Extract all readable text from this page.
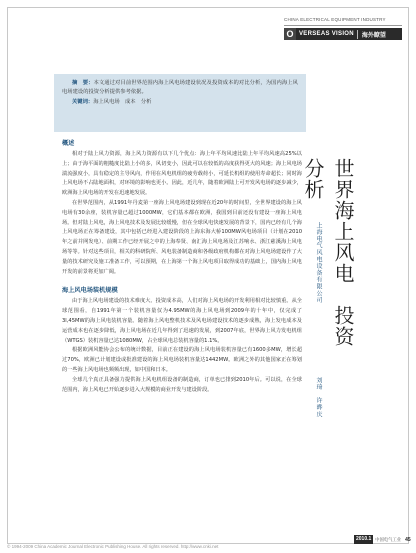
CHINA ELECTRICAL EQUIPMENT INDUSTRY
O VERSEAS VISION	海外瞭望

摘　要：本文通过对目前世界范围内海上风电场建设状况及投资成本的对比分析，为国内海上风电场建设的投资分析提供参考依据。

关键词：海上风电场　成本　分析

概述

相对于陆上风力资源，海上风力资源有以下几个优点：海上年平均风速比陆上年平均风速高25%以上；由于海平面的粗糙度比陆上小的多，风切变小，因此可以在较低的高度获得更大的风速；海上风电场湍流强度小，具有稳定的主导风向，作用在风电机组的疲劳载荷小，可延长机组的使用寿命超长；同时海上风电场不占陆地面积，对环境的影响也更小。因此，近几年，随着欧洲陆上可开发风电场的逐步减少，欧洲海上风电场的开发在迅速地发展。

在世界范围内，从1991年丹麦第一座海上风电场建设到现在近20年的时间里，全世界建设的海上风电场有30余座，装机容量已超过1000MW，它们基本都在欧洲，我国到目前还没有建设一座海上风电场。但对陆上风电，海上风电技术及发展比较缓慢，但在全球风电快速发展的背景下，国内已经有几个海上风电场正在筹备建设，其中包括已经进入建设阶段的上海东海大桥100MW风电场项目（计划在2010年之前并网发电）、前期工作已经开展之中的上海奉贤、南汇海上风电场及江苏响水、浙江慈溪海上风电场等等。针对这些项目，相关的科研院所、风电装备制造商和各级政府机构都在对海上风电场建设作了大量的技术研究及施工准备工作，可以预期，在上海第一个海上风电项目取得成功的基础上，国内海上风电开发的前景将更加广阔。

海上风电场装机规模

由于海上风电场建设的技术难度大、投资成本高，人们对海上风电场的开发利用相对比较慎重。从全球范围看，自1991年第一个装机容量仅为4.95MW的海上风电场到2009年的十年中，仅完成了3l,45MW的海上风电装机容量。随着海上风电整机技术及风电场建设技术的逐步成熟，海上发电成本及运营成本也在逐步降低，海上风电场在近几年得到了迅速的发展，到2007年底，世界海上风力发电机组（WTGS）装机容量已达1080MW，占全球风电总装机容量的1.1%。

根据欧洲风能协会公布的统计数据，目前正在建设的海上风电场装机容量已有1600多MW，增长超过70%，欧洲已计划建设或批准建设的海上风电场装机容量达1442MW。欧洲之外的其他国家正在筹划的一些海上风电场也频频出现，如中国和日本。

全球几个真正具备强力提供海上风电机组设备的制造商，订单也已排到2010年后。可以说，在全球范围内，海上风电已开始逐步进入大规模的商业开发与建设阶段。

世界海上风电　投资分析
上海电气风电设备有限公司
刘琦　许晔庆
2010.1 中国电气工业 45
© 1994-2009 China Academic Journal Electronic Publishing House. All rights reserved. http://www.cnki.net
